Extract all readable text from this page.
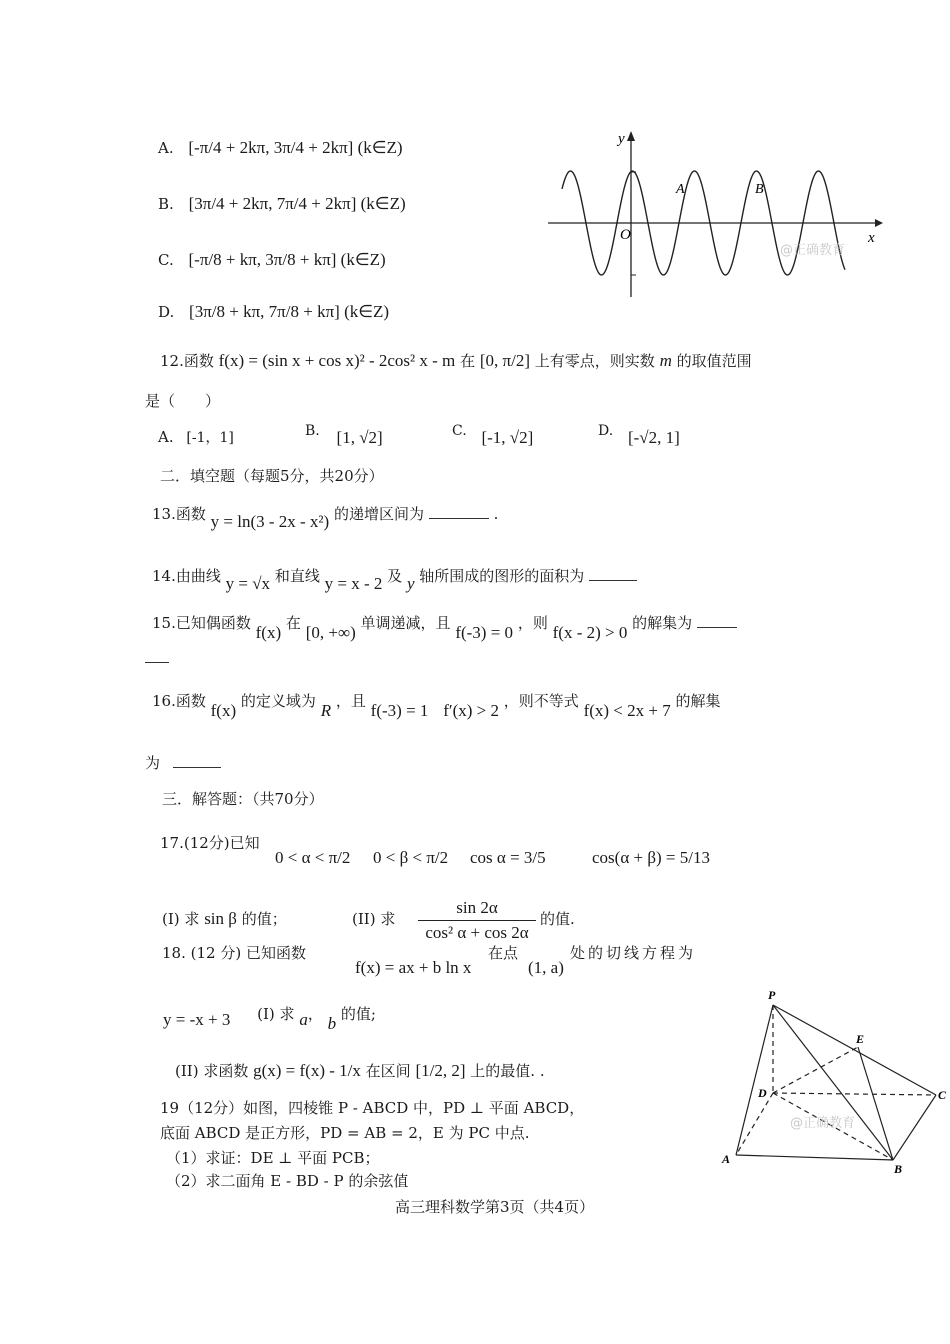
A. [-π/4 + 2kπ, 3π/4 + 2kπ] (k∈Z)
B. [3π/4 + 2kπ, 7π/4 + 2kπ] (k∈Z)
C. [-π/8 + kπ, 3π/8 + kπ] (k∈Z)
D. [3π/8 + kπ, 7π/8 + kπ] (k∈Z)
y
x
O
A	B
@正确教育
12.函数 f(x) = (sin x + cos x)² - 2cos² x - m 在 [0, π/2] 上有零点，则实数 m 的取值范围
是（　　）
A. [-1，1]	B. [1, √2]	C. [-1, √2]	D. [-√2, 1]
二．填空题（每题5分，共20分）
13.函数 y = ln(3 - 2x - x²) 的递增区间为	.
14.由曲线 y = √x 和直线 y = x - 2 及 y 轴所围成的图形的面积为
15.已知偶函数 f(x) 在 [0, +∞) 单调递减，且 f(-3) = 0 ，则 f(x - 2) > 0 的解集为
16.函数 f(x) 的定义域为 R ，且 f(-3) = 1 f′(x) > 2 ，则不等式 f(x) < 2x + 7 的解集
为
三．解答题：（共70分）
17.(12分)已知
0 < α < π/2 0 < β < π/2 cos α = 3/5	cos(α + β) = 5/13
(I) 求 sin β 的值；	(II) 求
sin 2α
cos² α + cos 2α
的值.
18. (12 分) 已知函数
f(x) = ax + b ln x
在点
(1, a)
处的切线方程为
y = -x + 3 (I) 求 a， b 的值;
(II) 求函数 g(x) = f(x) - 1/x 在区间 [1/2, 2] 上的最值. .
19（12分）如图，四棱锥 P - ABCD 中，PD ⊥ 平面 ABCD，
底面 ABCD 是正方形，PD = AB = 2，E 为 PC 中点.
（1）求证：DE ⊥ 平面 PCB；
（2）求二面角 E - BD - P 的余弦值
P
E
D	C
A
B
@正确教育
高三理科数学第3页（共4页）
